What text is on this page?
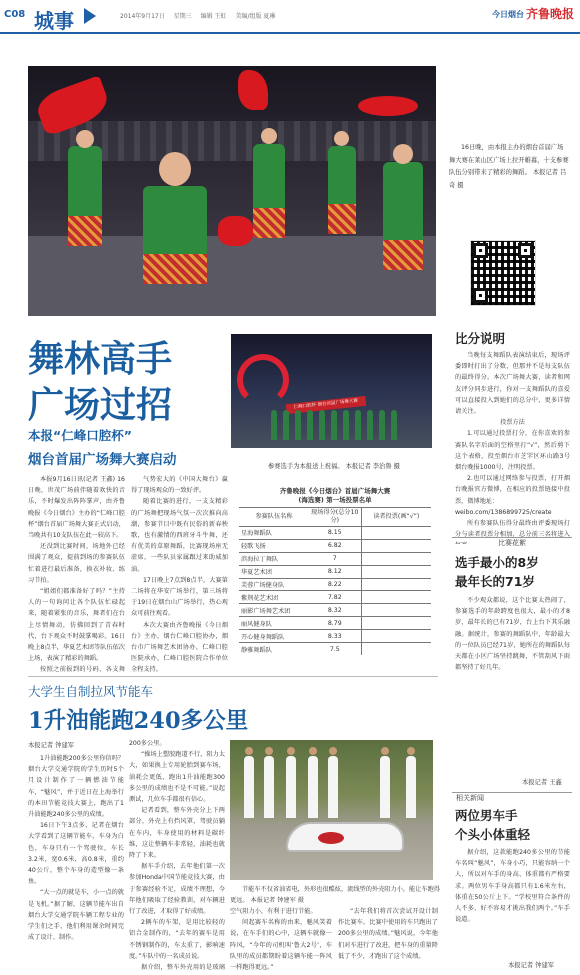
C08 城事	2014年9月17日 星期三 编辑 王虹 美编/组版 夏琳	今日烟台 齐鲁晚报

16日晚，由本报主办的烟台首届广场舞大赛在莱山区广场上拉开帷幕，十支参赛队伍分别带来了精彩的舞蹈。 本报记者 吕奇 摄

舞林高手
广场过招
本报“仁峰口腔杯”
烟台首届广场舞大赛启动

本报9月16日讯(记者 王鑫) 16日晚，世茂广场前伴随着欢快的音乐，不时爆发出阵阵掌声，由齐鲁晚报《今日烟台》主办的“仁峰口腔杯”烟台首届广场舞大赛正式启动，当晚共有10支队伍在此一较高下。

还没到比赛时间，场地外已经围满了观众，提前到场的参赛队伍忙着进行最后准备，换衣补妆、练习节拍。

“姐姐们都准备好了吗？”主持人的一句询问让各个队伍忙碌起来，随着紧张的音乐，舞者们在台上尽情舞动，仿佛回到了青春时代，台下观众不时鼓掌喝彩。16日晚上8点半，华夏艺术团等队伍依次上场，表演了精彩的舞蹈。

按照之前报到的号码，各支舞

气势宏大的《中国大舞台》赢得了现场观众的一致好评。

随着比赛的进行，一支支精彩的广场舞把现场气氛一次次推向高潮，参赛节目中既有民俗的新春秧歌，也有激情的西班牙斗牛舞，还有优美的草原舞蹈，比赛现场座无虚席，一些队员家属跟过来助威加油。

17日晚上7点到8点半，大赛第二场将在华安广场举行，第三场将于19日在烟台山广场举行，热心观众可前往观看。

本次大赛由齐鲁晚报《今日烟台》主办，烟台仁峰口腔协办，烟台市广场舞艺术团协办，仁峰口腔医院承办，仁峰口腔医院合作单位全程支持。

仁峰口腔杯 烟台首届广场舞大赛
参赛选手为本报送上祝福。 本报记者 李治鲁 摄
齐鲁晚报《今日烟台》首届广场舞大赛
(海选赛) 第一场投票名单
参赛队伍名称	现场得分(总分10分)	读者投票(画“√”)
星海舞蹈队	8.15	
轻歌飞扬	6.82	
滨海拉丁舞队	7	
华夏艺术团	8.12	
芙蓉广场健身队	8.22	
紫荆花艺术团	7.82	
丽影广场舞艺术团	8.32	
丽风健身队	8.79	
开心健身舞蹈队	8.33	
静雅舞蹈队	7.5	
比分说明

当晚每支舞蹈队表演结束后，现场评委即时打出了分数，但那并不是每支队伍的最终得分。本次广场舞大赛，读者和网友评分同步进行，你对一支舞蹈队的喜爱可以直接投入到她们的总分中，更多详情请关注。

投票方法

1.可以通过投票打分，在你喜欢的参赛队名字后面的空格里打“√”，然后剪下这个表格，投至烟台市芝罘区环山路3号烟台晚报1000号，注明投票。

2.也可以通过网络参与投票，打开烟台晚报官方微博，在相应的投票链接中投票，微博地址：

weibo.com/1386899725/create

所有参赛队伍得分最终由评委现场打分与读者投票分相加，总分前三名将进入

比赛花絮
选手最小的8岁
最年长的71岁

不少观众都说，这个比赛太热闹了，参赛选手的年龄跨度也很大，最小的才8岁，最年长的已有71岁，台上台下其乐融融。据统计，参赛的舞蹈队中，年龄最大的一位队员已经71岁，她所在的舞蹈队每天都在小区广场坚持跳舞，不管刮风下雨都坚持了好几年。

本报记者 王鑫
相关新闻
两位男车手
个头小体重轻

据介绍，这款能跑240多公里的节能车名叫“魅风”，车身小巧，只能容纳一个人，所以对车手的身高、体重都有严格要求。两位男车手身高都只有1.6米左右，体重在50公斤上下。“学校里符合条件的人不多，好不容易才挑出我们两个。”车手说道。

本报记者 钟建军
大学生自制拉风节能车
1升油能跑240多公里
本报记者 钟建军

1升油能跑200多公里你信吗？烟台大学交通学院的学生历时5个月设计制作了一辆燃油节能车，“魅风”，并于近日在上海举行的本田节能竞技大赛上，跑出了1升油能跑240多公里的成绩。

16日下午3点多，记者在烟台大学看到了这辆节能车，车身为白色，车身只有一个驾驶位，车长3.2米，宽0.6米，高0.8米，重约40公斤，整个车身的造型像一条鱼。

“大一点的就是车，小一点的就是飞机。”据了解，这辆节能车出自烟台大学交通学院车辆工程专业的学生们之手，他们利用课余时间完成了设计、制作。

200多公里。

“操场上塑胶跑道不行，阻力太大，如果换上专用轮胎到赛车场，油耗会更低，跑出1升油能跑300多公里的成绩也不是不可能。”说起测试，几位车手都很有信心。

记者看到，整车外壳分上下两部分，外壳上有挡风罩，驾驶员躺在车内，车身使用的材料是碳纤维，这让整辆车非常轻，油耗也就降了下来。

据车手介绍，去年他们第一次参加Honda中国节能竞技大赛，由于参赛经验不足，成绩不理想，今年他们吸取了经验教训，对车辆进行了改进，才取得了好成绩。

2辆车的车架，是用比较轻的铝合金制作的，“去年的赛车是用不锈钢制作的，车太重了，影响速度。”车队中的一名成员说。

据介绍，整车外壳用的是玻璃

节能车不仅省油省电，外形也很酷炫，流线型的外壳阻力小，能让车跑得更远。 本报记者 钟建军 摄

空气阻力小，有利于进行节能。

问起赛车名称的由来，魅风笑着说，在车手们的心中，这辆车就像一阵风，“今年的司机叫‘鲁大2号’，车队里的成员都期盼着这辆车能一阵风一样跑得更远。”

“去年我们将首次尝试开设计制作比赛车，比赛中使用的车只跑出了200多公里的成绩。”魅风说，今年他们对车进行了改进，把车身的重量降低了不少，才跑出了这个成绩。
